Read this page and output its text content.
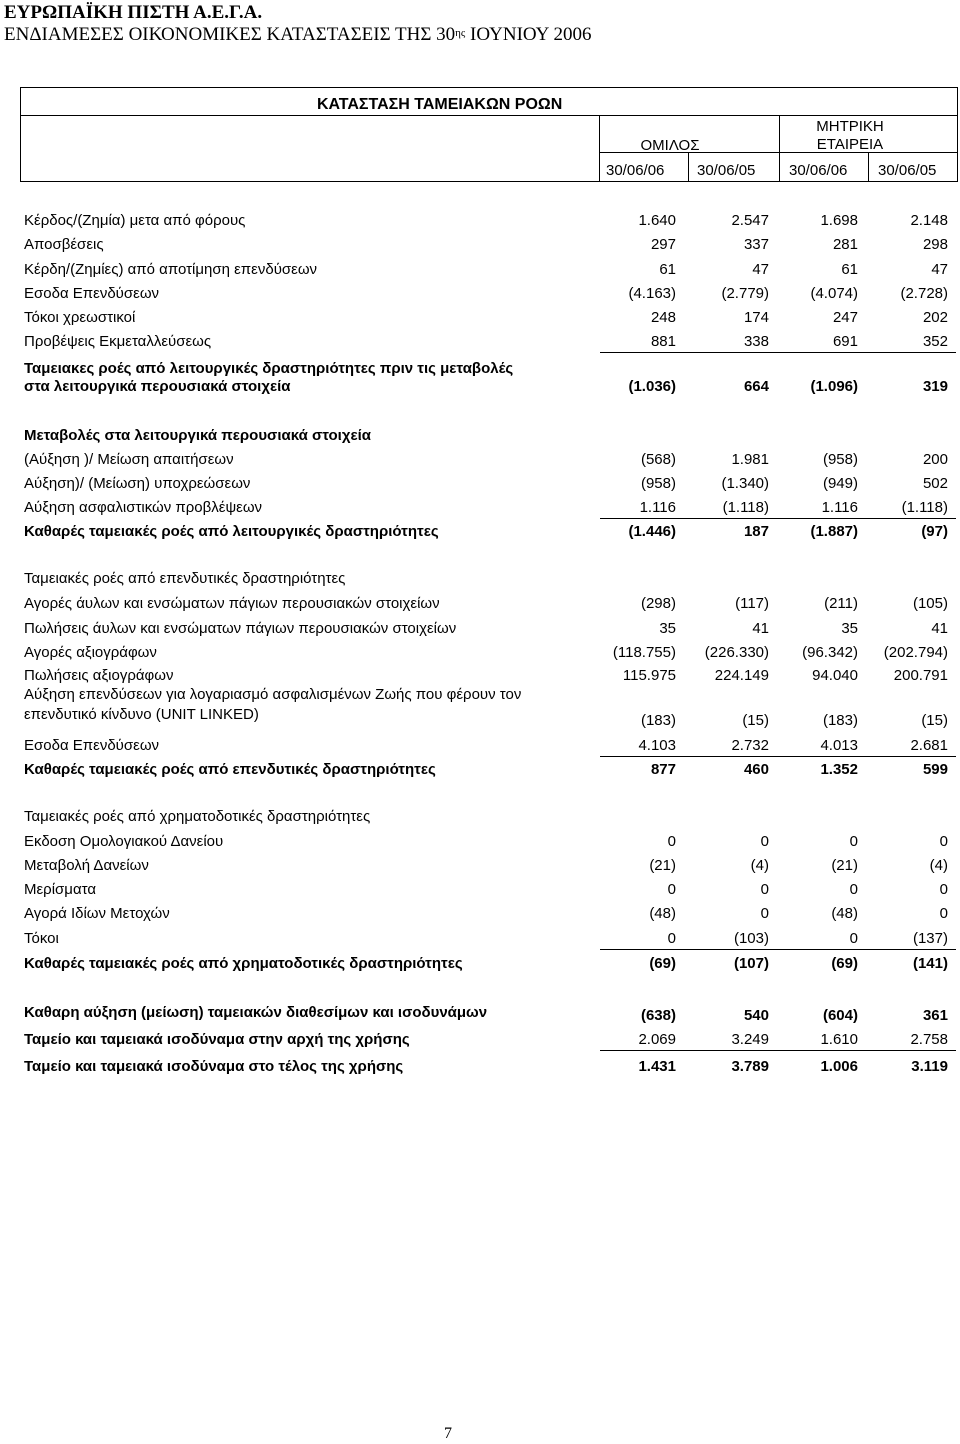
ΕΥΡΩΠΑΪΚΗ ΠΙΣΤΗ Α.Ε.Γ.Α.
ΕΝΔΙΑΜΕΣΕΣ ΟΙΚΟΝΟΜΙΚΕΣ ΚΑΤΑΣΤΑΣΕΙΣ ΤΗΣ $30^{\eta\varsigma}$ ΙΟΥΝΙΟΥ 2006
ΚΑΤΑΣΤΑΣΗ ΤΑΜΕΙΑΚΩΝ ΡΟΩΝ
ΟΜΙΛΟΣ
ΜΗΤΡΙΚΗ
ΕΤΑΙΡΕΙΑ
30/06/06 30/06/05 30/06/06 30/06/05
Κέρδος/(Ζημία) μετα από φόρους	1.640	2.547	1.698	2.148
Αποσβέσεις	297	337	281	298
Κέρδη/(Ζημίες) από αποτίμηση επενδύσεων	61	47	61	47
Εσοδα Επενδύσεων	(4.163)	(2.779)	(4.074)	(2.728)
Τόκοι χρεωστικοί	248	174	247	202
Προβέψεις Εκμεταλλεύσεως	881	338	691	352
Ταμειακες ροές από λειτουργικές δραστηριότητες πριν τις μεταβολές
στα λειτουργικά περουσιακά στοιχεία	(1.036)	664	(1.096)	319
Μεταβολές στα λειτουργικά περουσιακά στοιχεία
(Αύξηση )/ Μείωση απαιτήσεων	(568)	1.981	(958)	200
Αύξηση)/ (Μείωση) υποχρεώσεων	(958)	(1.340)	(949)	502
Αύξηση ασφαλιστικών προβλέψεων	1.116	(1.118)	1.116	(1.118)
Καθαρές ταμειακές ροές από λειτουργικές δραστηριότητες	(1.446)	187	(1.887)	(97)
Ταμειακές ροές από επενδυτικές δραστηριότητες
Αγορές άυλων και ενσώματων πάγιων περουσιακών στοιχείων	(298)	(117)	(211)	(105)
Πωλήσεις άυλων και ενσώματων πάγιων περουσιακών στοιχείων	35	41	35	41
Αγορές αξιογράφων	(118.755)	(226.330)	(96.342)	(202.794)
Πωλήσεις αξιογράφων	115.975	224.149	94.040	200.791
Αύξηση επενδύσεων για λογαριασμό ασφαλισμένων Ζωής που φέρουν τον
επενδυτικό κίνδυνο (UNIT LINKED)	(183)	(15)	(183)	(15)
Εσοδα Επενδύσεων	4.103	2.732	4.013	2.681
Καθαρές ταμειακές ροές από επενδυτικές δραστηριότητες	877	460	1.352	599
Ταμειακές ροές από χρηματοδοτικές δραστηριότητες
Εκδοση Ομολογιακού Δανείου	0	0	0	0
Μεταβολή Δανείων	(21)	(4)	(21)	(4)
Μερίσματα	0	0	0	0
Αγορά Ιδίων Μετοχών	(48)	0	(48)	0
Τόκοι	0	(103)	0	(137)
Καθαρές ταμειακές ροές από χρηματοδοτικές δραστηριότητες	(69)	(107)	(69)	(141)
Καθαρη αύξηση (μείωση) ταμειακών διαθεσίμων και ισοδυνάμων	(638)	540	(604)	361
Ταμείο και ταμειακά ισοδύναμα στην αρχή της χρήσης	2.069	3.249	1.610	2.758
Ταμείο και ταμειακά ισοδύναμα στο τέλος της χρήσης	1.431	3.789	1.006	3.119
7
